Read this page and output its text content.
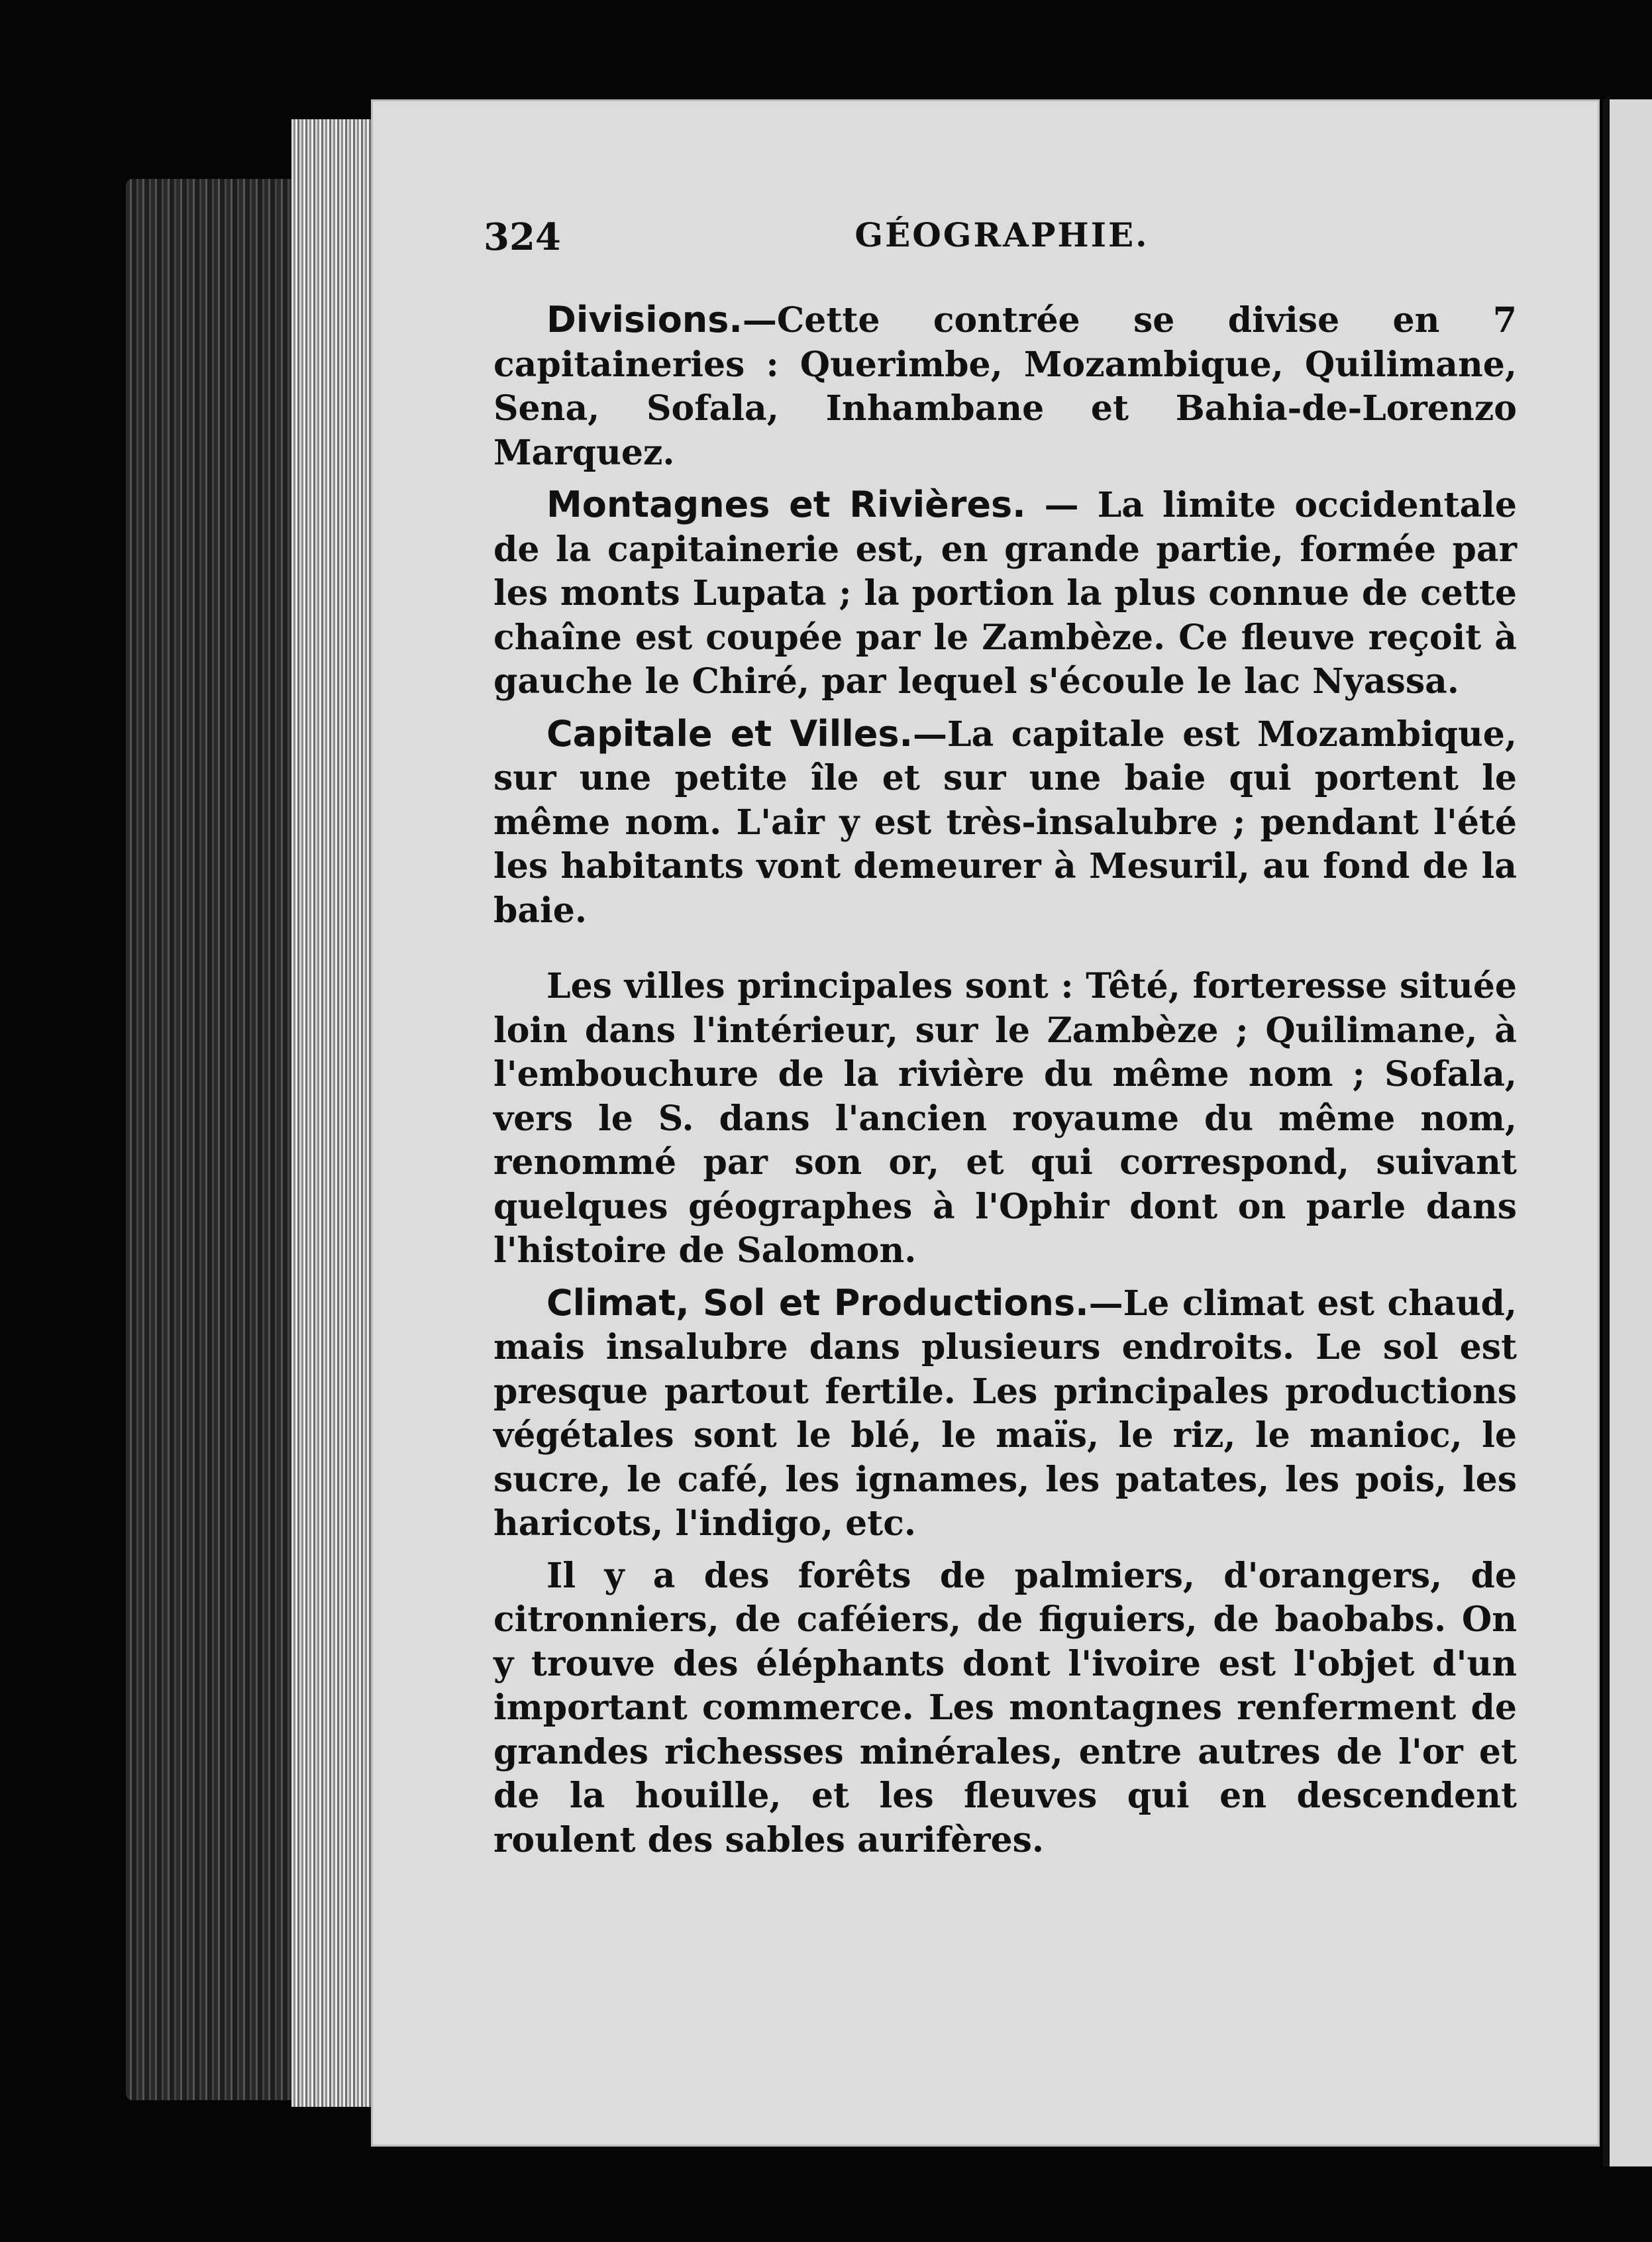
324	GÉOGRAPHIE.

Divisions.—Cette contrée se divise en 7 capitaineries : Querimbe, Mozambique, Quilimane, Sena, Sofala, Inhambane et Bahia-de-Lorenzo Marquez.

Montagnes et Rivières. — La limite occidentale de la capitainerie est, en grande partie, formée par les monts Lupata ; la portion la plus connue de cette chaîne est coupée par le Zambèze. Ce fleuve reçoit à gauche le Chiré, par lequel s'écoule le lac Nyassa.

Capitale et Villes.—La capitale est Mozambique, sur une petite île et sur une baie qui portent le même nom. L'air y est très-insalubre ; pendant l'été les habitants vont demeurer à Mesuril, au fond de la baie.

Les villes principales sont : Têté, forteresse située loin dans l'intérieur, sur le Zambèze ; Quilimane, à l'embouchure de la rivière du même nom ; Sofala, vers le S. dans l'ancien royaume du même nom, renommé par son or, et qui correspond, suivant quelques géographes à l'Ophir dont on parle dans l'histoire de Salomon.

Climat, Sol et Productions.—Le climat est chaud, mais insalubre dans plusieurs endroits. Le sol est presque partout fertile. Les principales productions végétales sont le blé, le maïs, le riz, le manioc, le sucre, le café, les ignames, les patates, les pois, les haricots, l'indigo, etc.

Il y a des forêts de palmiers, d'orangers, de citronniers, de caféiers, de figuiers, de baobabs. On y trouve des éléphants dont l'ivoire est l'objet d'un important commerce. Les montagnes renferment de grandes richesses minérales, entre autres de l'or et de la houille, et les fleuves qui en descendent roulent des sables aurifères.
